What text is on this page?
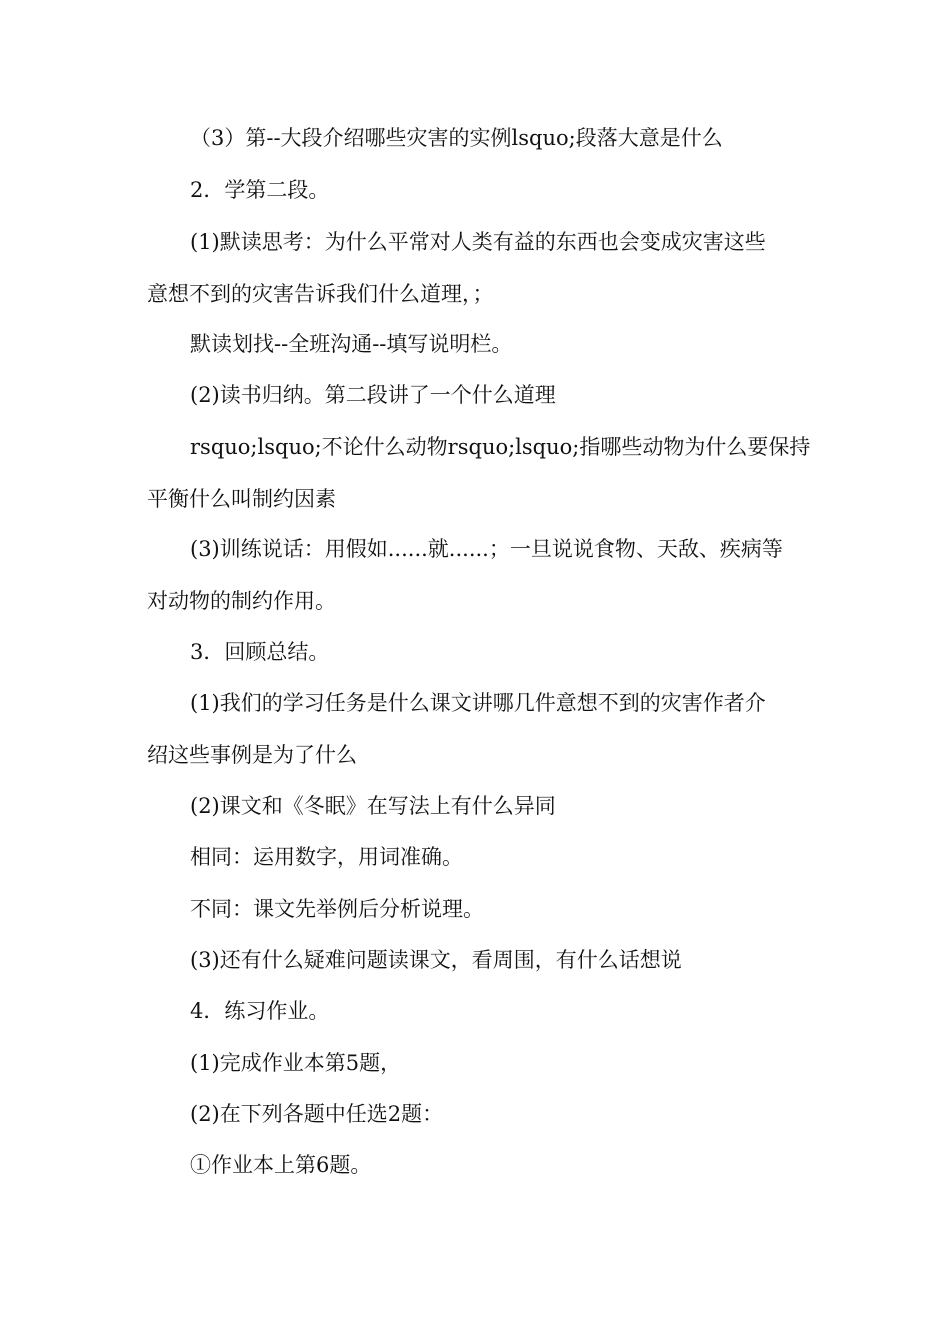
（3）第--大段介绍哪些灾害的实例lsquo;段落大意是什么
2．学第二段。
(1)默读思考：为什么平常对人类有益的东西也会变成灾害这些
意想不到的灾害告诉我们什么道理，；
默读划找--全班沟通--填写说明栏。
(2)读书归纳。第二段讲了一个什么道理
rsquo;lsquo;不论什么动物rsquo;lsquo;指哪些动物为什么要保持
平衡什么叫制约因素
(3)训练说话：用假如......就......；一旦说说食物、天敌、疾病等
对动物的制约作用。
3．回顾总结。
(1)我们的学习任务是什么课文讲哪几件意想不到的灾害作者介
绍这些事例是为了什么
(2)课文和《冬眠》在写法上有什么异同
相同：运用数字，用词准确。
不同：课文先举例后分析说理。
(3)还有什么疑难问题读课文，看周围，有什么话想说
4．练习作业。
(1)完成作业本第5题，
(2)在下列各题中任选2题：
①作业本上第6题。
